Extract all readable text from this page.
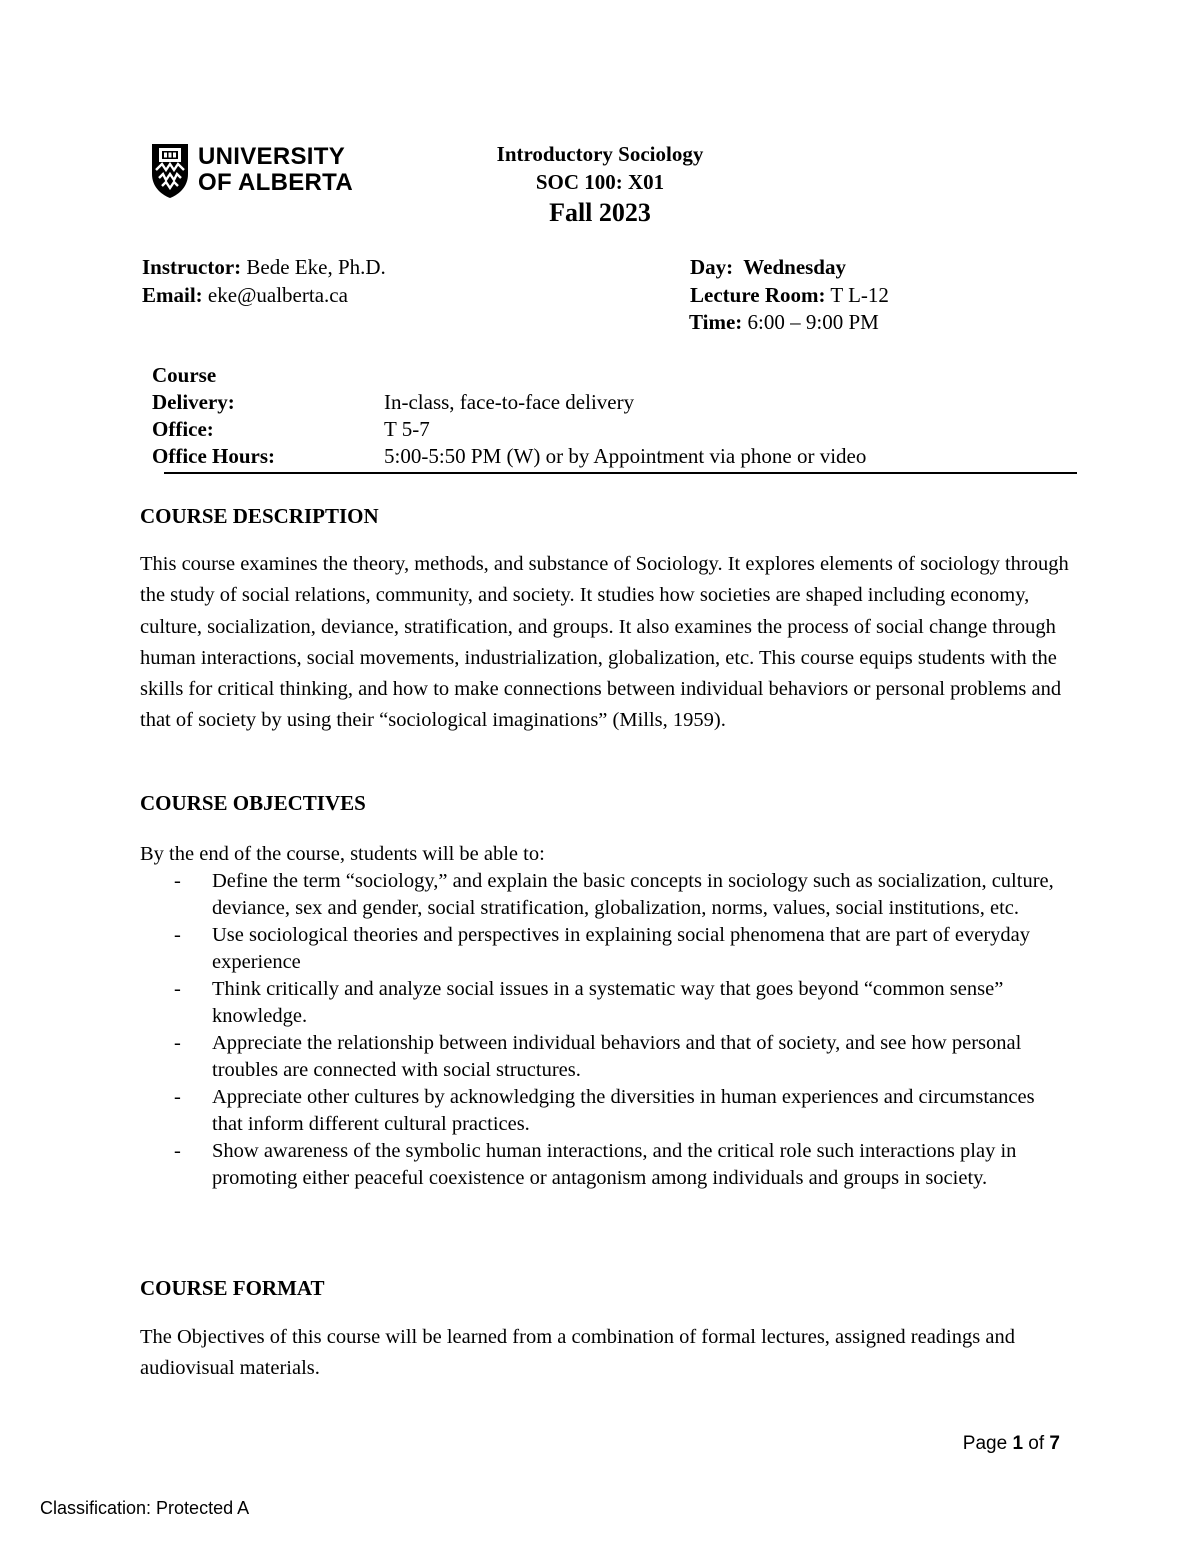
UNIVERSITY
OF ALBERTA
Introductory Sociology
SOC 100: X01
Fall 2023
Instructor: Bede Eke, Ph.D.
Email: eke@ualberta.ca
Day:  Wednesday
Lecture Room: T L-12
Time: 6:00 – 9:00 PM
Course
Delivery:	In-class, face-to-face delivery
Office:	T 5-7
Office Hours:	5:00-5:50 PM (W) or by Appointment via phone or video
COURSE DESCRIPTION
This course examines the theory, methods, and substance of Sociology. It explores elements of sociology through the study of social relations, community, and society. It studies how societies are shaped including economy, culture, socialization, deviance, stratification, and groups. It also examines the process of social change through human interactions, social movements, industrialization, globalization, etc. This course equips students with the skills for critical thinking, and how to make connections between individual behaviors or personal problems and that of society by using their “sociological imaginations” (Mills, 1959).
COURSE OBJECTIVES
By the end of the course, students will be able to:
- Define the term “sociology,” and explain the basic concepts in sociology such as socialization, culture, deviance, sex and gender, social stratification, globalization, norms, values, social institutions, etc.
- Use sociological theories and perspectives in explaining social phenomena that are part of everyday experience
- Think critically and analyze social issues in a systematic way that goes beyond “common sense” knowledge.
- Appreciate the relationship between individual behaviors and that of society, and see how personal troubles are connected with social structures.
- Appreciate other cultures by acknowledging the diversities in human experiences and circumstances that inform different cultural practices.
- Show awareness of the symbolic human interactions, and the critical role such interactions play in promoting either peaceful coexistence or antagonism among individuals and groups in society.
COURSE FORMAT
The Objectives of this course will be learned from a combination of formal lectures, assigned readings and audiovisual materials.
Page 1 of 7
Classification: Protected A
